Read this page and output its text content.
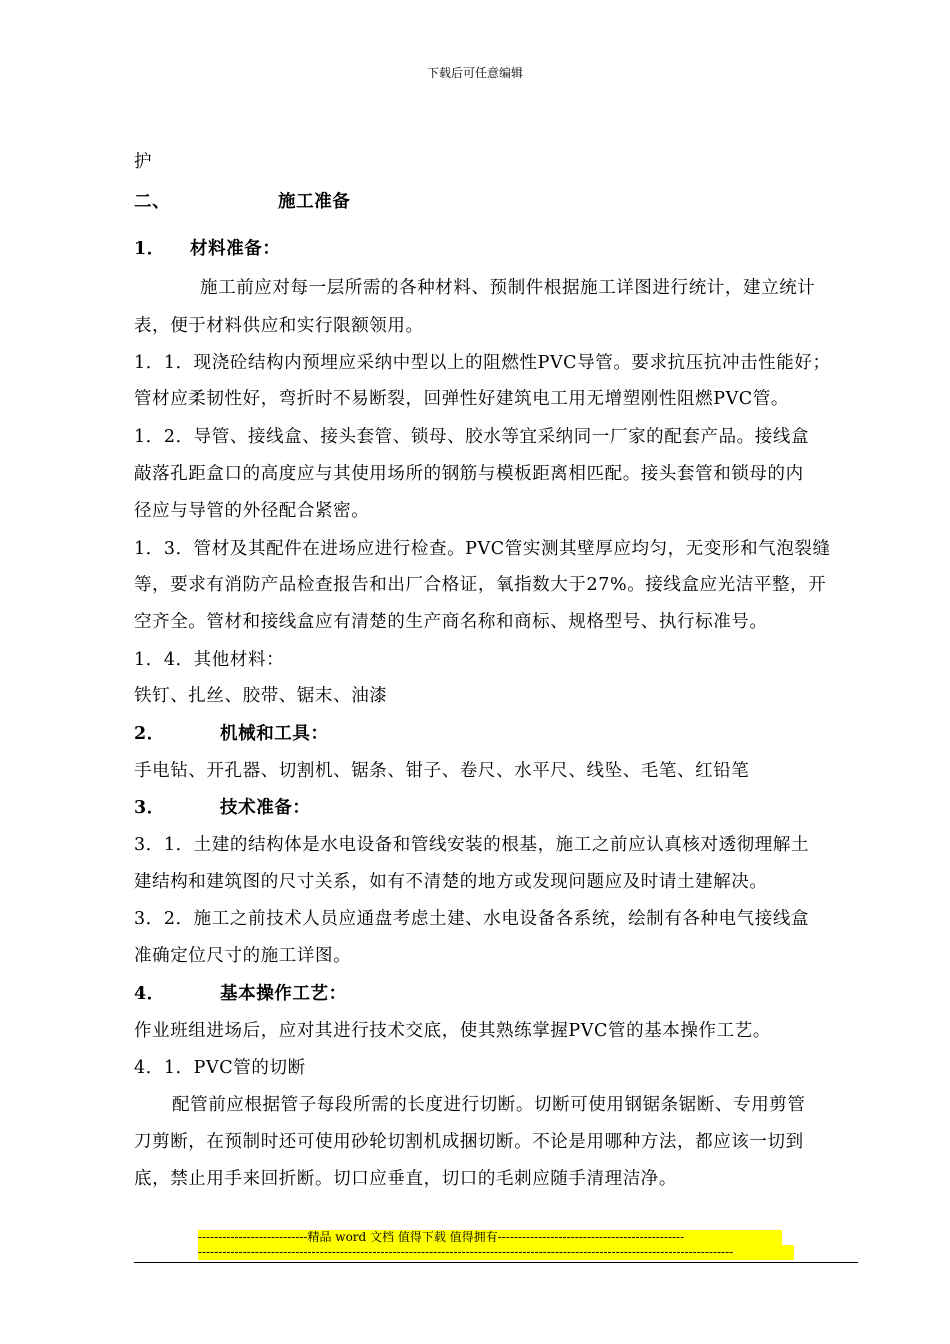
下载后可任意编辑
护
二、	施工准备
1． 材料准备：
施工前应对每一层所需的各种材料、预制件根据施工详图进行统计，建立统计
表，便于材料供应和实行限额领用。
1．1．现浇砼结构内预埋应采纳中型以上的阻燃性PVC导管。要求抗压抗冲击性能好；
管材应柔韧性好，弯折时不易断裂，回弹性好建筑电工用无增塑刚性阻燃PVC管。
1．2．导管、接线盒、接头套管、锁母、胶水等宜采纳同一厂家的配套产品。接线盒
敲落孔距盒口的高度应与其使用场所的钢筋与模板距离相匹配。接头套管和锁母的内
径应与导管的外径配合紧密。
1．3．管材及其配件在进场应进行检查。PVC管实测其壁厚应均匀，无变形和气泡裂缝
等，要求有消防产品检查报告和出厂合格证，氧指数大于27%。接线盒应光洁平整，开
空齐全。管材和接线盒应有清楚的生产商名称和商标、规格型号、执行标准号。
1．4．其他材料：
铁钉、扎丝、胶带、锯末、油漆
2．	机械和工具：
手电钻、开孔器、切割机、锯条、钳子、卷尺、水平尺、线坠、毛笔、红铅笔
3．	技术准备：
3．1．土建的结构体是水电设备和管线安装的根基，施工之前应认真核对透彻理解土
建结构和建筑图的尺寸关系，如有不清楚的地方或发现问题应及时请土建解决。
3．2．施工之前技术人员应通盘考虑土建、水电设备各系统，绘制有各种电气接线盒
准确定位尺寸的施工详图。
4．	基本操作工艺：
作业班组进场后，应对其进行技术交底，使其熟练掌握PVC管的基本操作工艺。
4．1．PVC管的切断
配管前应根据管子每段所需的长度进行切断。切断可使用钢锯条锯断、专用剪管
刀剪断，在预制时还可使用砂轮切割机成捆切断。不论是用哪种方法，都应该一切到
底，禁止用手来回折断。切口应垂直，切口的毛刺应随手清理洁净。
---------------------------精品 word 文档 值得下载 值得拥有----------------------------------------------
------------------------------------------------------------------------------------------------------------------------------------
